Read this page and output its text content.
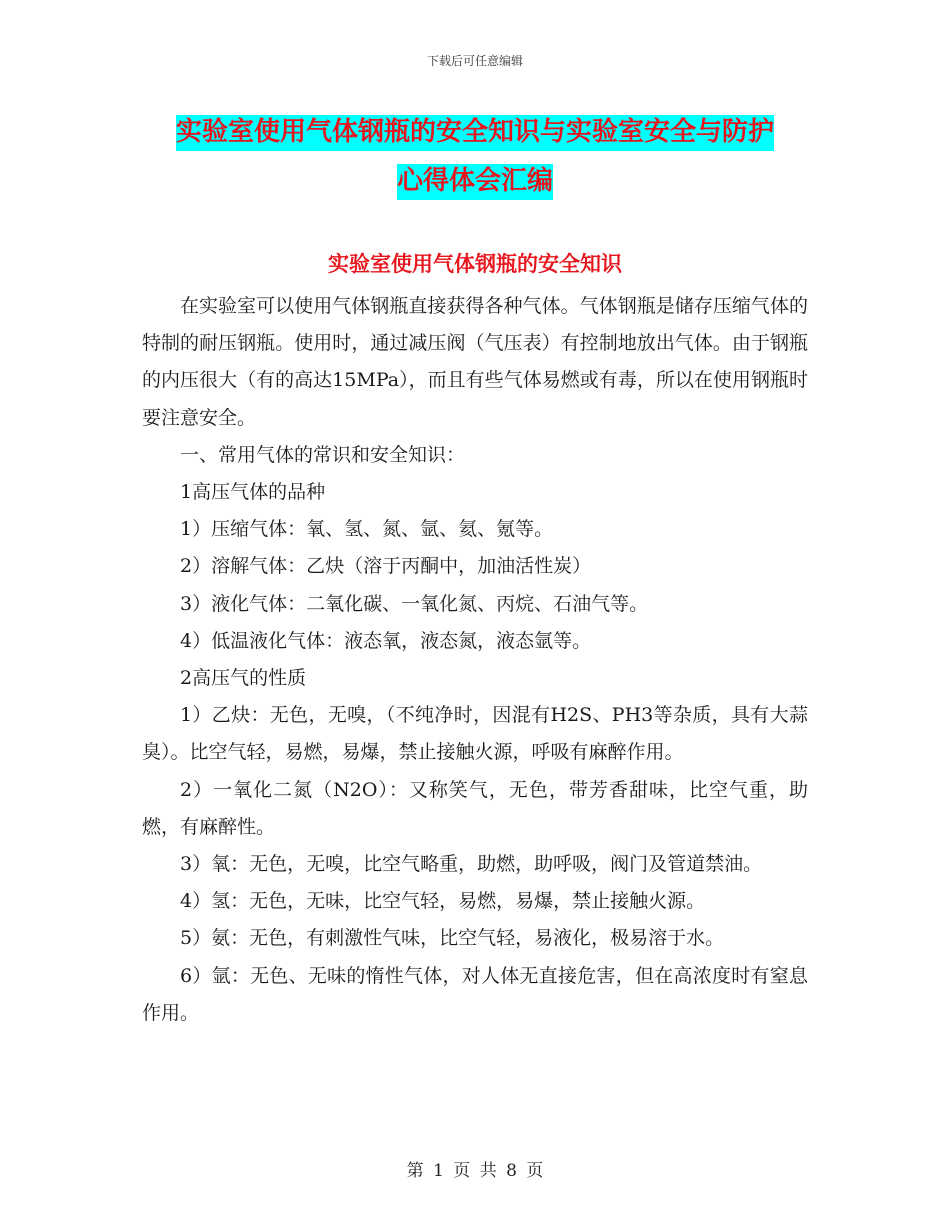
下载后可任意编辑
实验室使用气体钢瓶的安全知识与实验室安全与防护
心得体会汇编
实验室使用气体钢瓶的安全知识

在实验室可以使用气体钢瓶直接获得各种气体。气体钢瓶是储存压缩气体的特制的耐压钢瓶。使用时，通过减压阀（气压表）有控制地放出气体。由于钢瓶的内压很大（有的高达15MPa），而且有些气体易燃或有毒，所以在使用钢瓶时要注意安全。

一、常用气体的常识和安全知识：

1高压气体的品种

1）压缩气体：氧、氢、氮、氩、氦、氪等。

2）溶解气体：乙炔（溶于丙酮中，加油活性炭）

3）液化气体：二氧化碳、一氧化氮、丙烷、石油气等。

4）低温液化气体：液态氧，液态氮，液态氩等。

2高压气的性质

1）乙炔：无色，无嗅，（不纯净时，因混有H2S、PH3等杂质，具有大蒜臭）。比空气轻，易燃，易爆，禁止接触火源，呼吸有麻醉作用。

2）一氧化二氮（N2O）：又称笑气，无色，带芳香甜味，比空气重，助燃，有麻醉性。

3）氧：无色，无嗅，比空气略重，助燃，助呼吸，阀门及管道禁油。

4）氢：无色，无味，比空气轻，易燃，易爆，禁止接触火源。

5）氨：无色，有刺激性气味，比空气轻，易液化，极易溶于水。

6）氩：无色、无味的惰性气体，对人体无直接危害，但在高浓度时有窒息作用。

第 1 页 共 8 页
